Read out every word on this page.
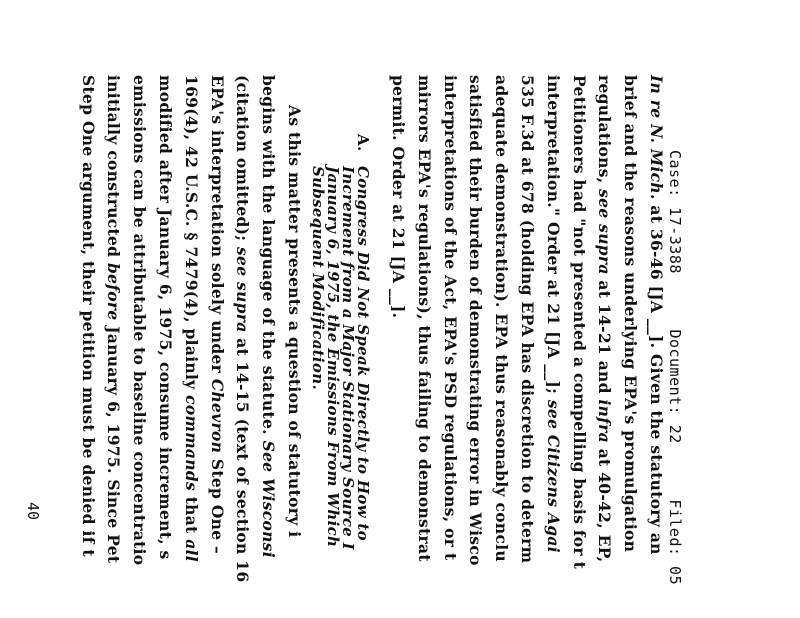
Case: 17-3388 Document: 22 Filed: 05
In re N. Mich. at 36-46 [JA __]. Given the statutory an
brief and the reasons underlying EPA's promulgation
regulations, see supra at 14-21 and infra at 40-42, EP,
Petitioners had "not presented a compelling basis for t
interpretation." Order at 21 [JA __]; see Citizens Agai
535 F.3d at 678 (holding EPA has discretion to determ
adequate demonstration). EPA thus reasonably conclu
satisfied their burden of demonstrating error in Wisco
interpretations of the Act, EPA's PSD regulations, or t
mirrors EPA's regulations), thus failing to demonstrat
permit. Order at 21 [JA __].
A.
Congress Did Not Speak Directly to How to
Increment from a Major Stationary Source I
January 6, 1975, the Emissions From Which
Subsequent Modification.
As this matter presents a question of statutory i
begins with the language of the statute. See Wisconsi
(citation omitted); see supra at 14-15 (text of section 16
EPA's interpretation solely under Chevron Step One –
169(4), 42 U.S.C. § 7479(4), plainly commands that all
modified after January 6, 1975, consume increment, s
emissions can be attributable to baseline concentratio
initially constructed before January 6, 1975. Since Pet
Step One argument, their petition must be denied if t
40
